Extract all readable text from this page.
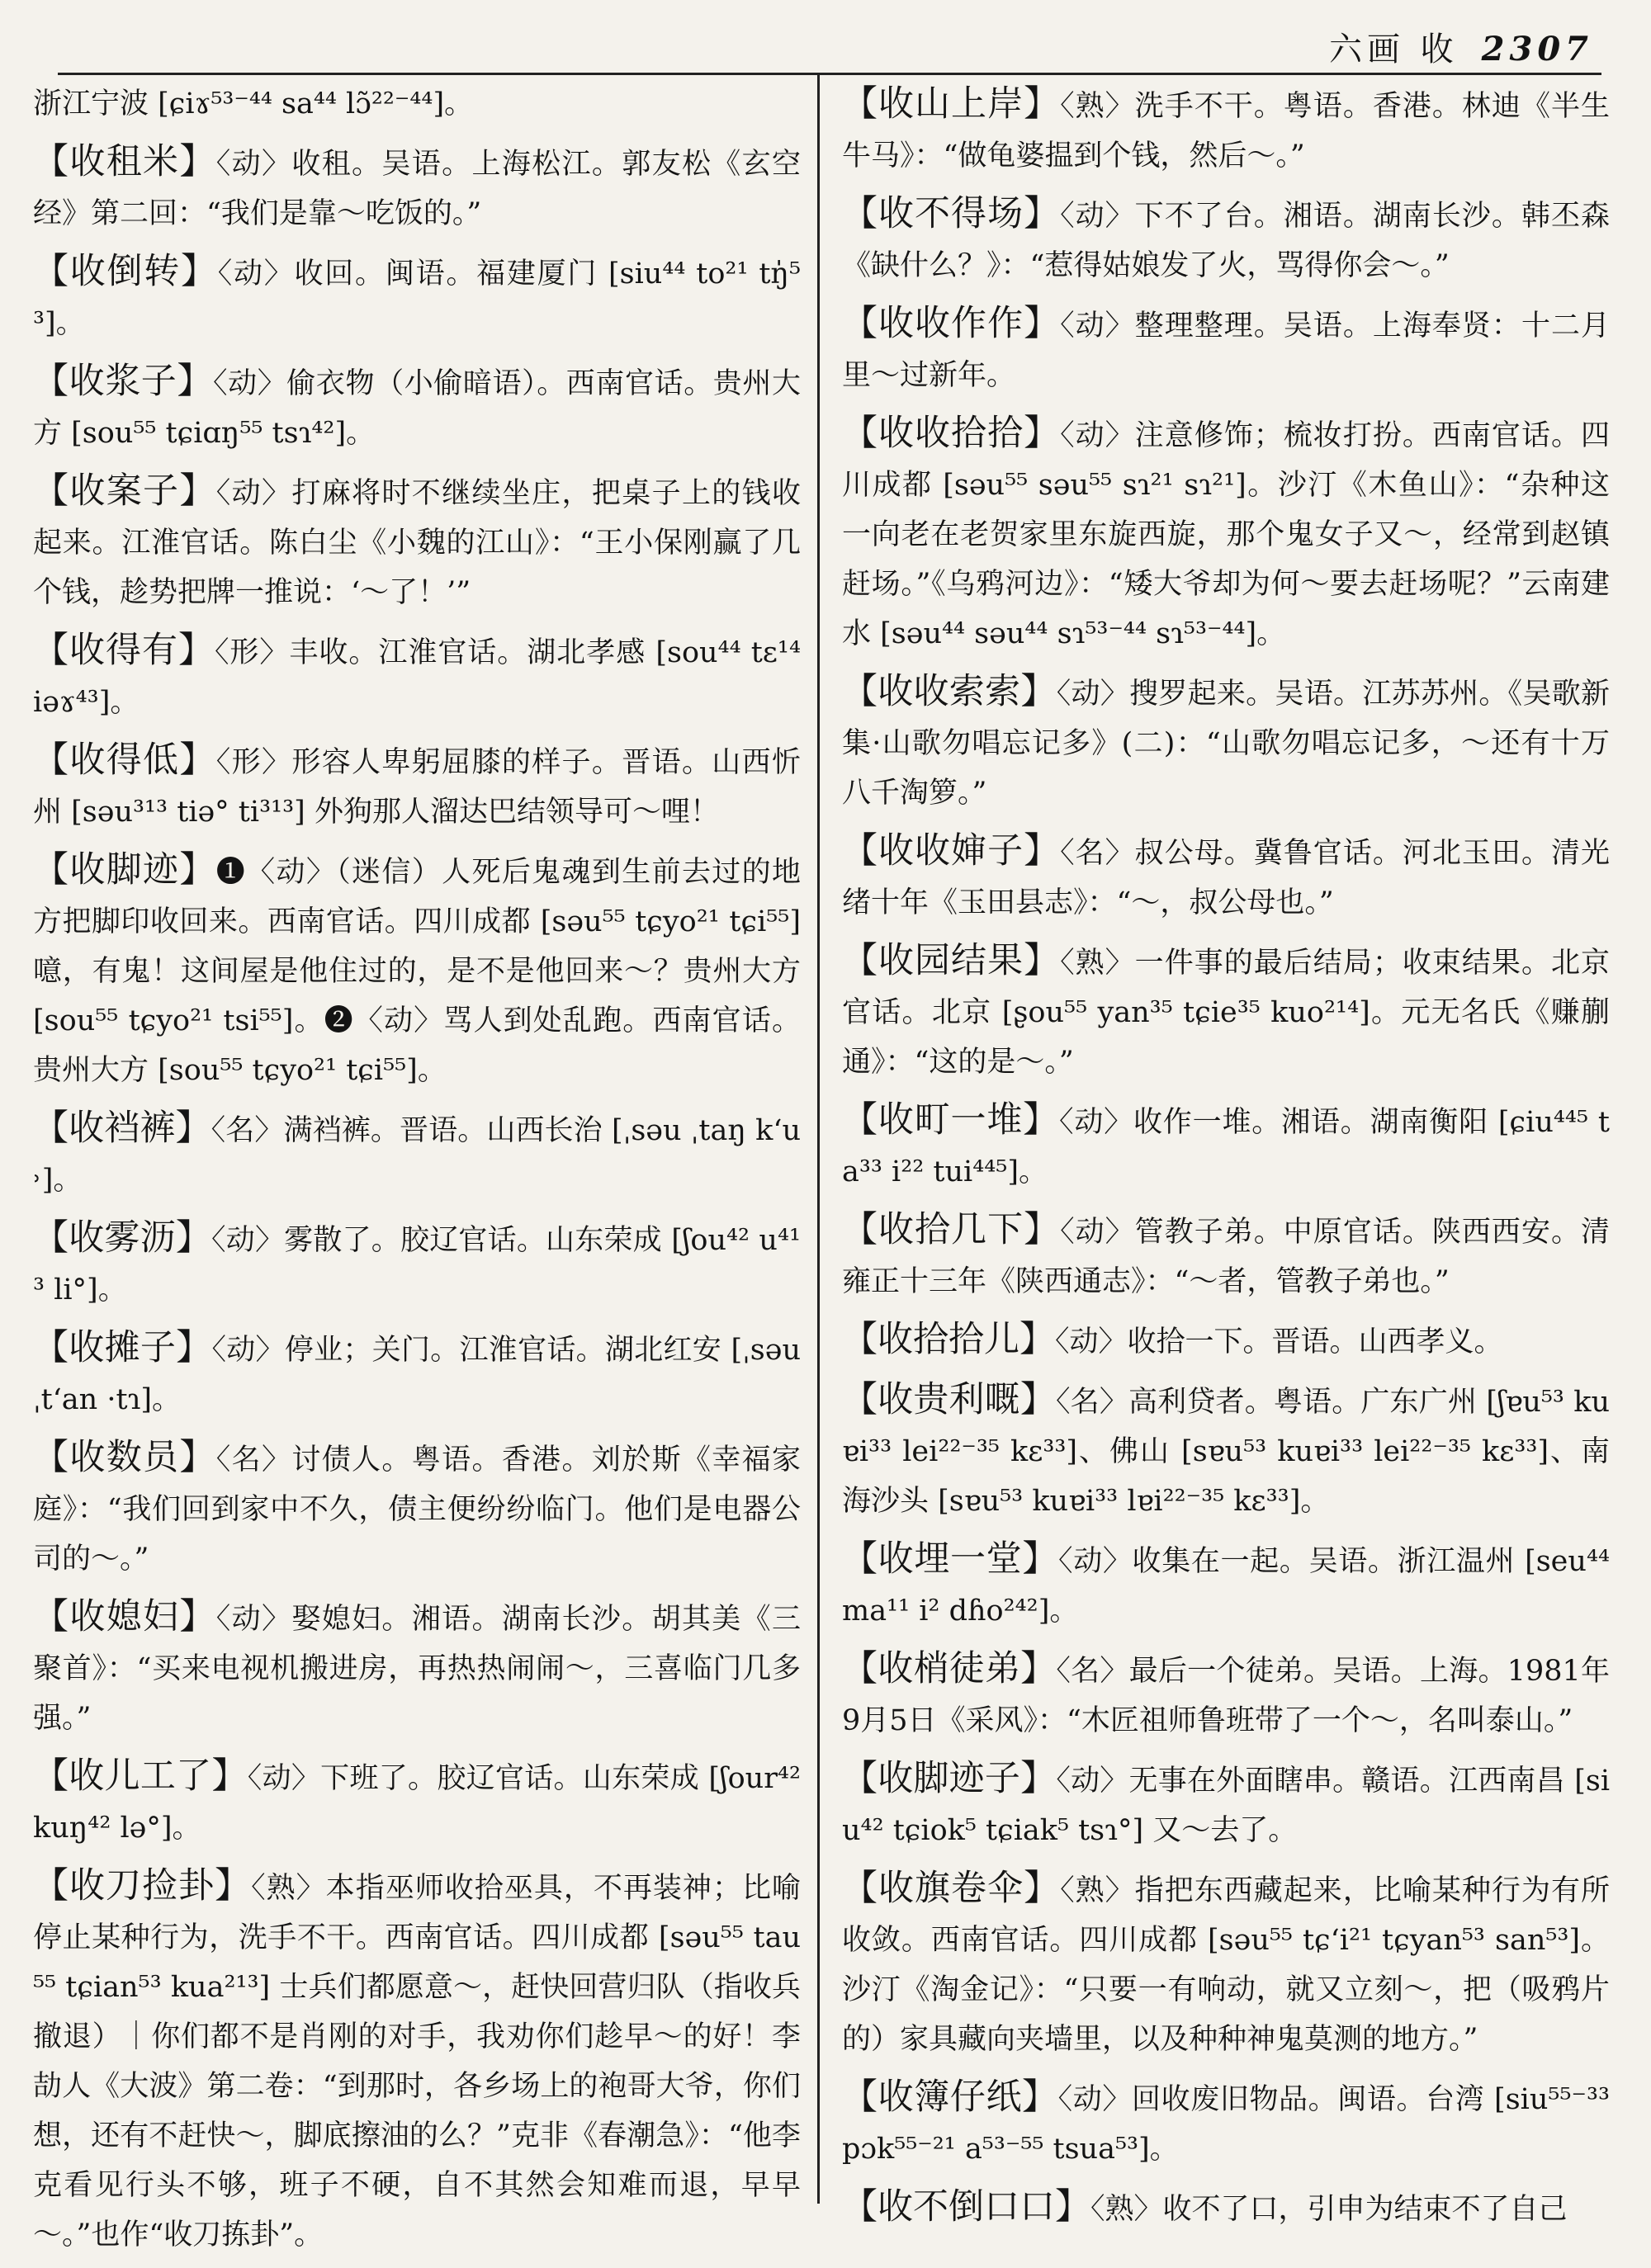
六画 收 2307

浙江宁波 [ɕiɤ⁵³⁻⁴⁴ sa⁴⁴ lɔ̃²²⁻⁴⁴]。

【收租米】〈动〉收租。吴语。上海松江。郭友松《玄空经》第二回：“我们是靠～吃饭的。”

【收倒转】〈动〉收回。闽语。福建厦门 [siu⁴⁴ to²¹ tŋ̍⁵³]。

【收浆子】〈动〉偷衣物（小偷暗语）。西南官话。贵州大方 [sou⁵⁵ tɕiɑŋ⁵⁵ tsɿ⁴²]。

【收案子】〈动〉打麻将时不继续坐庄，把桌子上的钱收起来。江淮官话。陈白尘《小魏的江山》：“王小保刚赢了几个钱，趁势把牌一推说：‘～了！’”

【收得有】〈形〉丰收。江淮官话。湖北孝感 [sou⁴⁴ tɛ¹⁴ iəɤ⁴³]。

【收得低】〈形〉形容人卑躬屈膝的样子。晋语。山西忻州 [səu³¹³ tiə° ti³¹³] 外狗那人溜达巴结领导可～哩！

【收脚迹】❶〈动〉（迷信）人死后鬼魂到生前去过的地方把脚印收回来。西南官话。四川成都 [səu⁵⁵ tɕyo²¹ tɕi⁵⁵] 噫，有鬼！这间屋是他住过的，是不是他回来～？贵州大方 [sou⁵⁵ tɕyo²¹ tsi⁵⁵]。❷〈动〉骂人到处乱跑。西南官话。贵州大方 [sou⁵⁵ tɕyo²¹ tɕi⁵⁵]。

【收裆裤】〈名〉满裆裤。晋语。山西长治 [ˌsəu ˌtaŋ kʻu˒]。

【收雾沥】〈动〉雾散了。胶辽官话。山东荣成 [ʃou⁴² u⁴¹³ li°]。

【收摊子】〈动〉停业；关门。江淮官话。湖北红安 [ˌsəu ˌtʻan ·tɿ]。

【收数员】〈名〉讨债人。粤语。香港。刘於斯《幸福家庭》：“我们回到家中不久，债主便纷纷临门。他们是电器公司的～。”

【收媳妇】〈动〉娶媳妇。湘语。湖南长沙。胡其美《三聚首》：“买来电视机搬进房，再热热闹闹～，三喜临门几多强。”

【收儿工了】〈动〉下班了。胶辽官话。山东荣成 [ʃour⁴² kuŋ⁴² lə°]。

【收刀捡卦】〈熟〉本指巫师收拾巫具，不再装神；比喻停止某种行为，洗手不干。西南官话。四川成都 [səu⁵⁵ tau⁵⁵ tɕian⁵³ kua²¹³] 士兵们都愿意～，赶快回营归队（指收兵撤退）｜你们都不是肖刚的对手，我劝你们趁早～的好！李劼人《大波》第二卷：“到那时，各乡场上的袍哥大爷，你们想，还有不赶快～，脚底擦油的么？”克非《春潮急》：“他李克看见行头不够，班子不硬，自不其然会知难而退，早早～。”也作“收刀拣卦”。

【收山上岸】〈熟〉洗手不干。粤语。香港。林迪《半生牛马》：“做龟婆揾到个钱，然后～。”

【收不得场】〈动〉下不了台。湘语。湖南长沙。韩丕森《缺什么？》：“惹得姑娘发了火，骂得你会～。”

【收收作作】〈动〉整理整理。吴语。上海奉贤：十二月里～过新年。

【收收拾拾】〈动〉注意修饰；梳妆打扮。西南官话。四川成都 [səu⁵⁵ səu⁵⁵ sɿ²¹ sɿ²¹]。沙汀《木鱼山》：“杂种这一向老在老贺家里东旋西旋，那个鬼女子又～，经常到赵镇赶场。”《乌鸦河边》：“矮大爷却为何～要去赶场呢？”云南建水 [səu⁴⁴ səu⁴⁴ sɿ⁵³⁻⁴⁴ sɿ⁵³⁻⁴⁴]。

【收收索索】〈动〉搜罗起来。吴语。江苏苏州。《吴歌新集·山歌勿唱忘记多》(二)：“山歌勿唱忘记多，～还有十万八千淘箩。”

【收收婶子】〈名〉叔公母。冀鲁官话。河北玉田。清光绪十年《玉田县志》：“～，叔公母也。”

【收园结果】〈熟〉一件事的最后结局；收束结果。北京官话。北京 [ʂou⁵⁵ yan³⁵ tɕie³⁵ kuo²¹⁴]。元无名氏《赚蒯通》：“这的是～。”

【收町一堆】〈动〉收作一堆。湘语。湖南衡阳 [ɕiu⁴⁴⁵ ta³³ i²² tui⁴⁴⁵]。

【收拾几下】〈动〉管教子弟。中原官话。陕西西安。清雍正十三年《陕西通志》：“～者，管教子弟也。”

【收拾拾儿】〈动〉收拾一下。晋语。山西孝义。

【收贵利嘅】〈名〉高利贷者。粤语。广东广州 [ʃɐu⁵³ kuɐi³³ lei²²⁻³⁵ kɛ³³]、佛山 [sɐu⁵³ kuɐi³³ lei²²⁻³⁵ kɛ³³]、南海沙头 [sɐu⁵³ kuɐi³³ lɐi²²⁻³⁵ kɛ³³]。

【收埋一堂】〈动〉收集在一起。吴语。浙江温州 [seu⁴⁴ ma¹¹ i² dɦo²⁴²]。

【收梢徒弟】〈名〉最后一个徒弟。吴语。上海。1981年9月5日《采风》：“木匠祖师鲁班带了一个～，名叫泰山。”

【收脚迹子】〈动〉无事在外面瞎串。赣语。江西南昌 [siu⁴² tɕiok⁵ tɕiak⁵ tsɿ°] 又～去了。

【收旗卷伞】〈熟〉指把东西藏起来，比喻某种行为有所收敛。西南官话。四川成都 [səu⁵⁵ tɕʻi²¹ tɕyan⁵³ san⁵³]。沙汀《淘金记》：“只要一有响动，就又立刻～，把（吸鸦片的）家具藏向夹墙里，以及种种神鬼莫测的地方。”

【收簿仔纸】〈动〉回收废旧物品。闽语。台湾 [siu⁵⁵⁻³³ pɔk⁵⁵⁻²¹ a⁵³⁻⁵⁵ tsua⁵³]。

【收不倒口口】〈熟〉收不了口，引申为结束不了自己
